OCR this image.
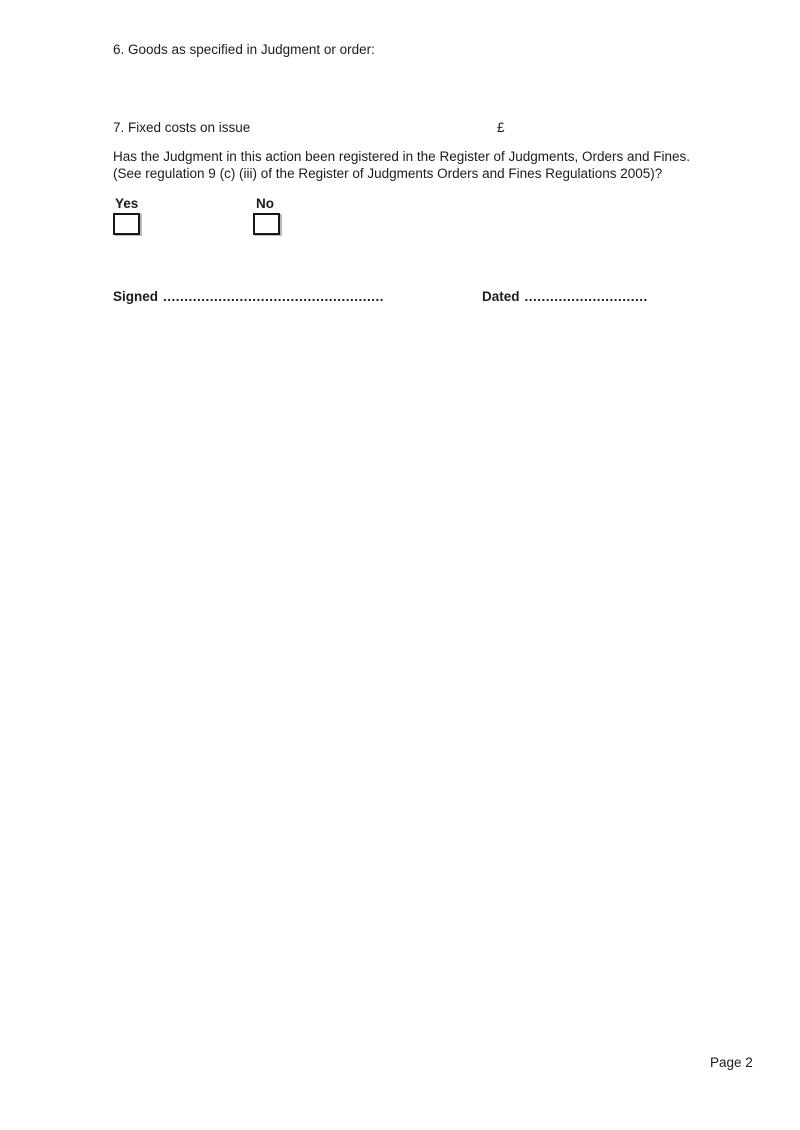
6. Goods as specified in Judgment or order:
7. Fixed costs on issue	£
Has the Judgment in this action been registered in the Register of Judgments, Orders and Fines.
(See regulation 9 (c) (iii) of the Register of Judgments Orders and Fines Regulations 2005)?
Yes	No
Signed ....................................................	Dated .............................
Page 2
